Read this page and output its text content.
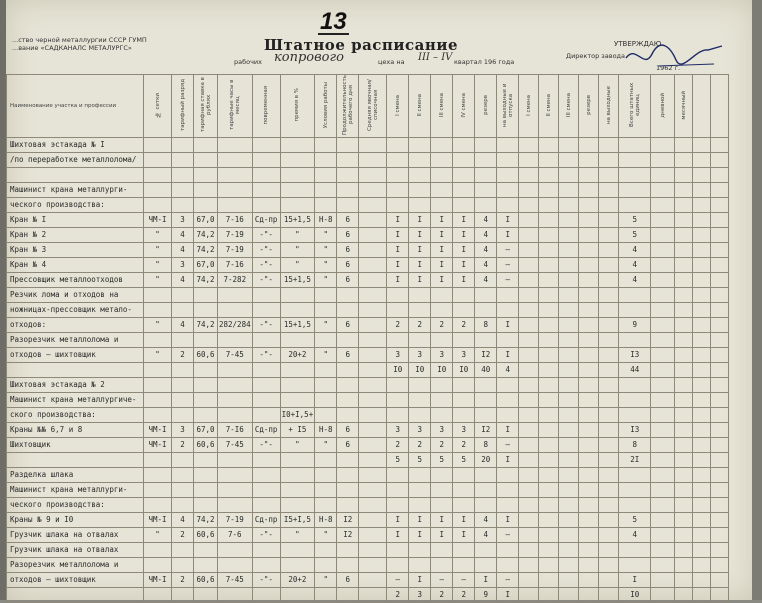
13
...ство черной металлургии СССР ГУМП
...вание «САДКАНАЛС МЕТАЛУРГС»	Штатное расписание
рабочих копрового	цеха на III – IV квартал 196 года
УТВЕРЖДАЮ
Директор завода
1962 г.
Наименование участка и профессии	№ сетки	тарифный разряд	тарифная ставка в рублях	тарифные часы в месяц	повременная	премия в %	Условия работы	Продолжительность рабочего дня	Средняя явочная/списочная	I смена	II смена	III смена	IV смена	резерв	на выходные и отпуска	I смена	II смена	III смена	резерв	на выходные	Всего штатных единиц	дневной	месячный		
Шихтовая эстакада № I																									
/по переработке металлолома/																									

Машинист крана металлурги-																									
ческого производства:																									
Кран № I	ЧМ-I	3	67,0	7-16	Сд-пр	15+1,5	Н-8	6		I	I	I	I	4	I						5				
Кран № 2	"	4	74,2	7-19	-"-	"	"	6		I	I	I	I	4	I						5				
Кран № 3	"	4	74,2	7-19	-"-	"	"	6		I	I	I	I	4	–						4				
Кран № 4	"	3	67,0	7-16	-"-	"	"	6		I	I	I	I	4	–						4				
Прессовщик металлоотходов	"	4	74,2	7-282	-"-	15+1,5	"	6		I	I	I	I	4	–						4				
Резчик лома и отходов на																									
ножницах-прессовщик метало-																									
отходов:	"	4	74,2	282/284	-"-	15+1,5	"	6		2	2	2	2	8	I						9				
Разорезчик металлолома и																									
отходов – шихтовщик	"	2	60,6	7-45	-"-	20+2	"	6		3	3	3	3	I2	I						I3				
										I0	I0	I0	I0	40	4						44				
Шихтовая эстакада № 2																									
Машинист крана металлургиче-																									
ского производства:						I0+I,5+																			
Краны №№ 6,7 и 8	ЧМ-I	3	67,0	7-I6	Сд-пр	+ I5	Н-8	6		3	3	3	3	I2	I						I3				
Шихтовщик	ЧМ-I	2	60,6	7-45	-"-	"	"	6		2	2	2	2	8	–						8				
										5	5	5	5	20	I						2I				
Разделка шлака																									
Машинист крана металлурги-																									
ческого производства:																									
Краны № 9 и I0	ЧМ-I	4	74,2	7-19	Сд-пр	I5+I,5	Н-8	I2		I	I	I	I	4	I						5				
Грузчик шлака на отвалах	"	2	60,6	7-6	-"-	"	"	I2		I	I	I	I	4	–						4				
Грузчик шлака на отвалах																									
Разорезчик металлолома и																									
отходов – шихтовщик	ЧМ-I	2	60,6	7-45	-"-	20+2	"	6		–	I	–	–	I	–						I				
										2	3	2	2	9	I						I0				
